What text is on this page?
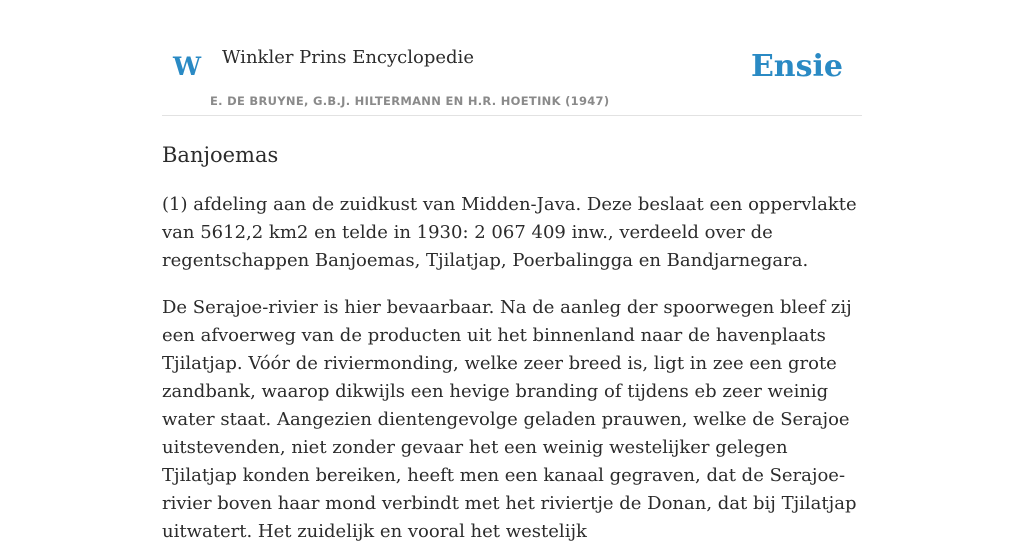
W Winkler Prins Encyclopedie
E. DE BRUYNE, G.B.J. HILTERMANN EN H.R. HOETINK (1947)
Ensie
Banjoemas

(1) afdeling aan de zuidkust van Midden-Java. Deze beslaat een oppervlakte van 5612,2 km2 en telde in 1930: 2 067 409 inw., verdeeld over de regentschappen Banjoemas, Tjilatjap, Poerbalingga en Bandjarnegara.

De Serajoe-rivier is hier bevaarbaar. Na de aanleg der spoorwegen bleef zij een afvoerweg van de producten uit het binnenland naar de havenplaats Tjilatjap. Vóór de riviermonding, welke zeer breed is, ligt in zee een grote zandbank, waarop dikwijls een hevige branding of tijdens eb zeer weinig water staat. Aangezien dientengevolge geladen prauwen, welke de Serajoe uitstevenden, niet zonder gevaar het een weinig westelijker gelegen Tjilatjap konden bereiken, heeft men een kanaal gegraven, dat de Serajoe-rivier boven haar mond verbindt met het riviertje de Donan, dat bij Tjilatjap uitwatert. Het zuidelijk en vooral het westelijk
